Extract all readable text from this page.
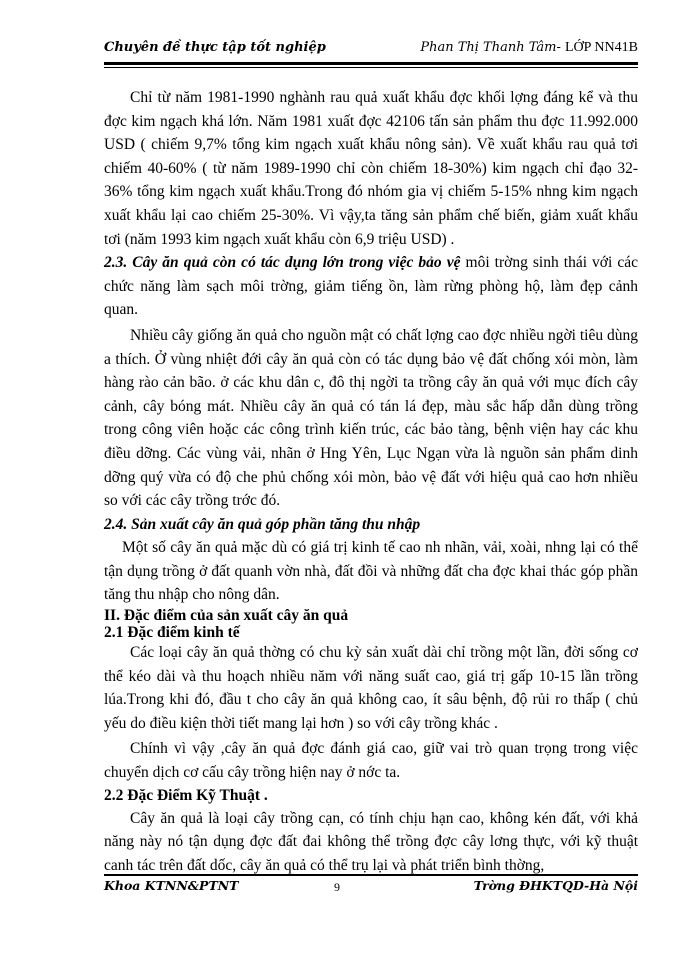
Chuyên đề thực tập tốt nghiệp	Phan Thị Thanh Tâm- LỚP NN41B

Chỉ từ năm 1981-1990 nghành rau quả xuất khẩu đợc khối lợng đáng kể và thu đợc kim ngạch khá lớn. Năm 1981 xuất đợc 42106 tấn sản phẩm thu đợc 11.992.000 USD ( chiếm 9,7% tổng kim ngạch xuất khẩu nông sản). Về xuất khẩu rau quả tơi chiếm 40-60% ( từ năm 1989-1990 chỉ còn chiếm 18-30%) kim ngạch chỉ đạo 32-36% tổng kim ngạch xuất khẩu.Trong đó nhóm gia vị chiếm 5-15% nhng kim ngạch xuất khẩu lại cao chiếm 25-30%. Vì vậy,ta tăng sản phẩm chế biến, giảm xuất khẩu tơi (năm 1993 kim ngạch xuất khẩu còn 6,9 triệu USD) .

2.3. Cây ăn quả còn có tác dụng lớn trong việc bảo vệ môi trờng sinh thái với các chức năng làm sạch môi trờng, giảm tiếng ồn, làm rừng phòng hộ, làm đẹp cảnh quan.

Nhiều cây giống ăn quả cho nguồn mật có chất lợng cao đợc nhiều ngời tiêu dùng a thích. Ở vùng nhiệt đới cây ăn quả còn có tác dụng bảo vệ đất chống xói mòn, làm hàng rào cản bão. ở các khu dân c, đô thị ngời ta trồng cây ăn quả với mục đích cây cảnh, cây bóng mát. Nhiều cây ăn quả có tán lá đẹp, màu sắc hấp dẫn dùng trồng trong công viên hoặc các công trình kiến trúc, các bảo tàng, bệnh viện hay các khu điều dỡng. Các vùng vải, nhãn ở Hng Yên, Lục Ngạn vừa là nguồn sản phẩm dinh dỡng quý vừa có độ che phủ chống xói mòn, bảo vệ đất với hiệu quả cao hơn nhiều so với các cây trồng trớc đó.

2.4. Sản xuất cây ăn quả góp phần tăng thu nhập

Một số cây ăn quả mặc dù có giá trị kinh tế cao nh nhãn, vải, xoài, nhng lại có thể tận dụng trồng ở đất quanh vờn nhà, đất đồi và những đất cha đợc khai thác góp phần tăng thu nhập cho nông dân.

II. Đặc điểm của sản xuất cây ăn quả

2.1 Đặc điểm kinh tế

Các loại cây ăn quả thờng có chu kỳ sản xuất dài chỉ trồng một lần, đời sống cơ thể kéo dài và thu hoạch nhiều năm với năng suất cao, giá trị gấp 10-15 lần trồng lúa.Trong khi đó, đầu t cho cây ăn quả không cao, ít sâu bệnh, độ rủi ro thấp ( chủ yếu do điều kiện thời tiết mang lại hơn ) so với cây trồng khác .

Chính vì vậy ,cây ăn quả đợc đánh giá cao, giữ vai trò quan trọng trong việc chuyển dịch cơ cấu cây trồng hiện nay ở nớc ta.

2.2 Đặc Điểm Kỹ Thuật .

Cây ăn quả là loại cây trồng cạn, có tính chịu hạn cao, không kén đất, với khả năng này nó tận dụng đợc đất đai không thể trồng đợc cây lơng thực, với kỹ thuật canh tác trên đất dốc, cây ăn quả có thể trụ lại và phát triển bình thờng,

Khoa KTNN&PTNT	9	Trờng ĐHKTQD-Hà Nội
